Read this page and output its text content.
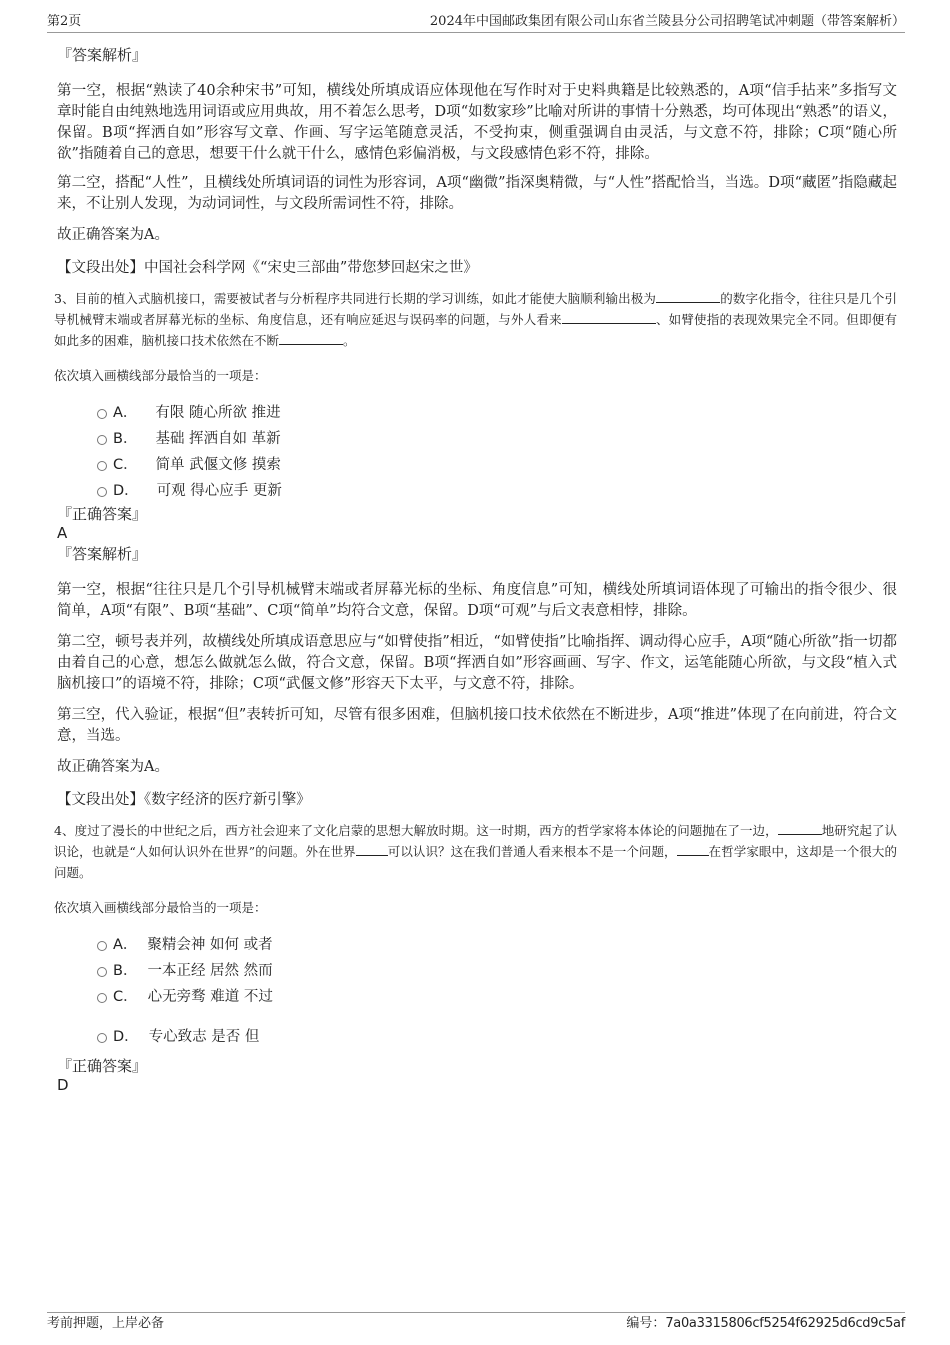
第2页	2024年中国邮政集团有限公司山东省兰陵县分公司招聘笔试冲刺题（带答案解析）

『答案解析』

第一空，根据“熟读了40余种宋书”可知，横线处所填成语应体现他在写作时对于史料典籍是比较熟悉的，A项“信手拈来”多指写文章时能自由纯熟地选用词语或应用典故，用不着怎么思考，D项“如数家珍”比喻对所讲的事情十分熟悉，均可体现出“熟悉”的语义，保留。B项“挥洒自如”形容写文章、作画、写字运笔随意灵活，不受拘束，侧重强调自由灵活，与文意不符，排除；C项“随心所欲”指随着自己的意思，想要干什么就干什么，感情色彩偏消极，与文段感情色彩不符，排除。

第二空，搭配“人性”，且横线处所填词语的词性为形容词，A项“幽微”指深奥精微，与“人性”搭配恰当，当选。D项“藏匿”指隐藏起来，不让别人发现，为动词词性，与文段所需词性不符，排除。

故正确答案为A。

【文段出处】中国社会科学网《“宋史三部曲”带您梦回赵宋之世》

3、目前的植入式脑机接口，需要被试者与分析程序共同进行长期的学习训练，如此才能使大脑顺利输出极为	的数字化指令，往往只是几个引导机械臂末端或者屏幕光标的坐标、角度信息，还有响应延迟与误码率的问题，与外人看来	、如臂使指的表现效果完全不同。但即便有如此多的困难，脑机接口技术依然在不断	。

依次填入画横线部分最恰当的一项是：

A． 有限 随心所欲 推进
B． 基础 挥洒自如 革新
C． 简单 武偃文修 摸索
D． 可观 得心应手 更新

『正确答案』

A

『答案解析』

第一空，根据“往往只是几个引导机械臂末端或者屏幕光标的坐标、角度信息”可知，横线处所填词语体现了可输出的指令很少、很简单，A项“有限”、B项“基础”、C项“简单”均符合文意，保留。D项“可观”与后文表意相悖，排除。

第二空，顿号表并列，故横线处所填成语意思应与“如臂使指”相近，“如臂使指”比喻指挥、调动得心应手，A项“随心所欲”指一切都由着自己的心意，想怎么做就怎么做，符合文意，保留。B项“挥洒自如”形容画画、写字、作文，运笔能随心所欲，与文段“植入式脑机接口”的语境不符，排除；C项“武偃文修”形容天下太平，与文意不符，排除。

第三空，代入验证，根据“但”表转折可知，尽管有很多困难，但脑机接口技术依然在不断进步，A项“推进”体现了在向前进，符合文意，当选。

故正确答案为A。

【文段出处】《数字经济的医疗新引擎》

4、度过了漫长的中世纪之后，西方社会迎来了文化启蒙的思想大解放时期。这一时期，西方的哲学家将本体论的问题抛在了一边，	地研究起了认识论，也就是“人如何认识外在世界”的问题。外在世界	可以认识？这在我们普通人看来根本不是一个问题，	在哲学家眼中，这却是一个很大的问题。

依次填入画横线部分最恰当的一项是：

A． 聚精会神 如何 或者
B． 一本正经 居然 然而
C． 心无旁骛 难道 不过
D． 专心致志 是否 但

『正确答案』

D

考前押题，上岸必备	编号：7a0a3315806cf5254f62925d6cd9c5af
